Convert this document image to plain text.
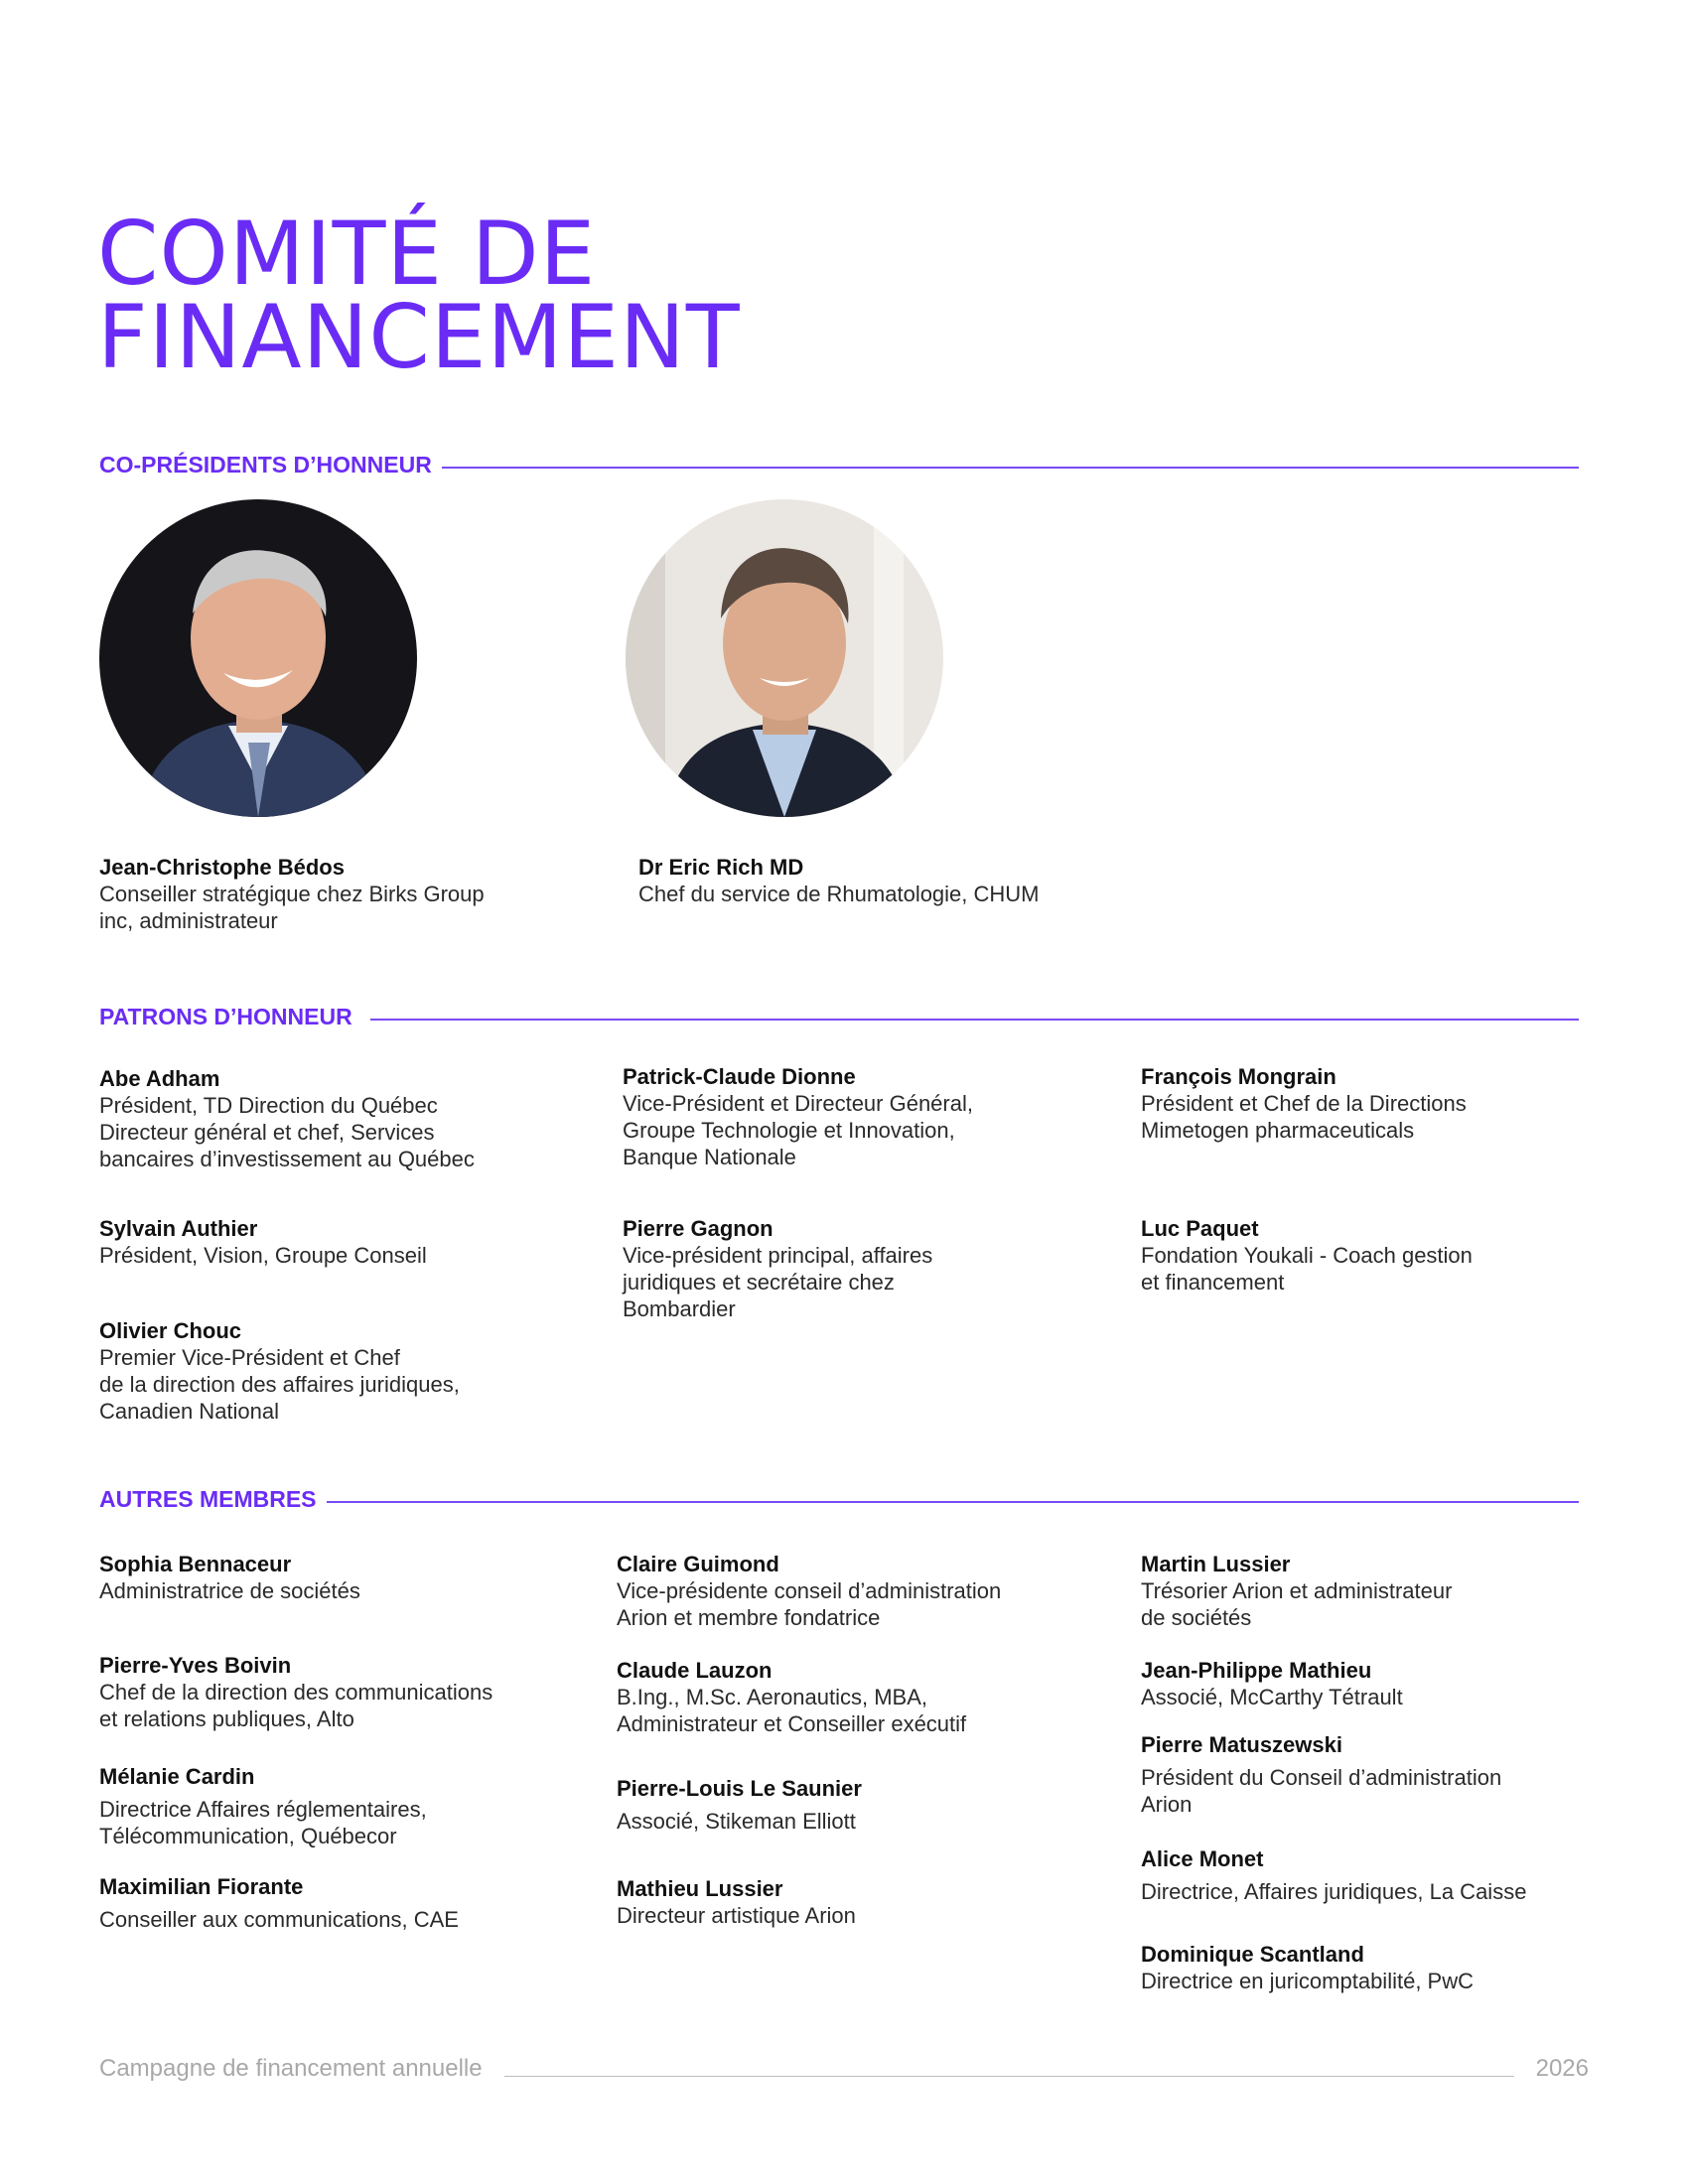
COMITÉ DE
FINANCEMENT
CO-PRÉSIDENTS D’HONNEUR
Jean-Christophe Bédos
Conseiller stratégique chez Birks Group
inc, administrateur
Dr Eric Rich MD
Chef du service de Rhumatologie, CHUM
PATRONS D’HONNEUR
Abe Adham
Président, TD Direction du Québec
Directeur général et chef, Services
bancaires d’investissement au Québec
Sylvain Authier
Président, Vision, Groupe Conseil
Olivier Chouc
Premier Vice-Président et Chef
de la direction des affaires juridiques,
Canadien National
Patrick-Claude Dionne
Vice-Président et Directeur Général,
Groupe Technologie et Innovation,
Banque Nationale
Pierre Gagnon
Vice-président principal, affaires
juridiques et secrétaire chez
Bombardier
François Mongrain
Président et Chef de la Directions
Mimetogen pharmaceuticals
Luc Paquet
Fondation Youkali - Coach gestion
et financement
AUTRES MEMBRES
Sophia Bennaceur
Administratrice de sociétés
Pierre-Yves Boivin
Chef de la direction des communications
et relations publiques, Alto
Mélanie Cardin
Directrice Affaires réglementaires,
Télécommunication, Québecor
Maximilian Fiorante
Conseiller aux communications, CAE
Claire Guimond
Vice-présidente conseil d’administration
Arion et membre fondatrice
Claude Lauzon
B.Ing., M.Sc. Aeronautics, MBA,
Administrateur et Conseiller exécutif
Pierre-Louis Le Saunier
Associé, Stikeman Elliott
Mathieu Lussier
Directeur artistique Arion
Martin Lussier
Trésorier Arion et administrateur
de sociétés
Jean-Philippe Mathieu
Associé, McCarthy Tétrault
Pierre Matuszewski
Président du Conseil d’administration
Arion
Alice Monet
Directrice, Affaires juridiques, La Caisse
Dominique Scantland
Directrice en juricomptabilité, PwC
Campagne de financement annuelle	2026
